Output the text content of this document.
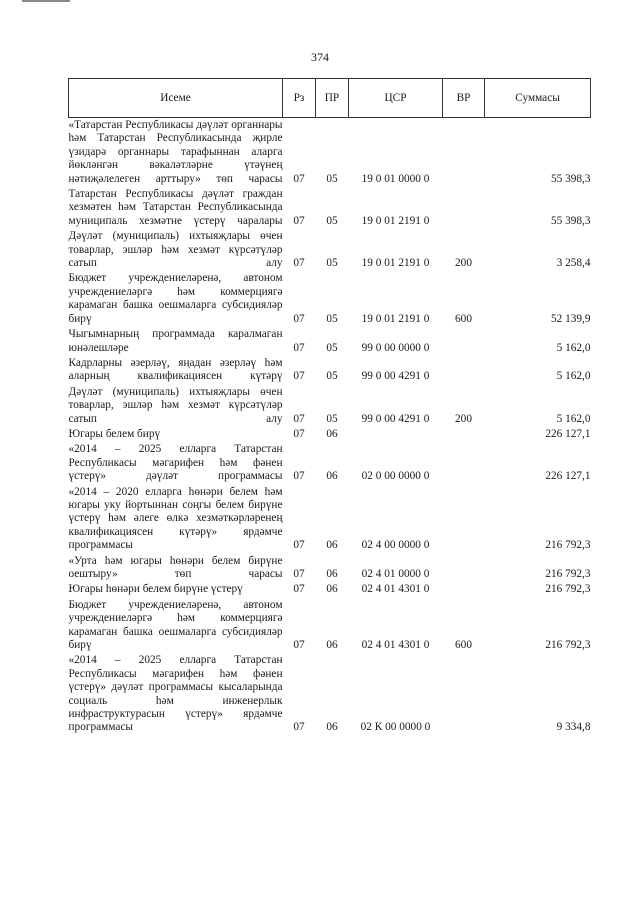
374
Исеме	Рз	ПР	ЦСР	ВР	Суммасы
«Татарстан Республикасы дәүләт органнары һәм Татарстан Республикасында җирле үзидарә органнары тарафыннан аларга йөкләнгән вәкаләтләрне үтәүнең нәтиҗәлелеген арттыру» төп чарасы	07	05	19 0 01 0000 0		55 398,3
Татарстан Республикасы дәүләт граждан хезмәтен һәм Татарстан Республикасында муниципаль хезмәтне үстерү чаралары	07	05	19 0 01 2191 0		55 398,3
Дәүләт (муниципаль) ихтыяҗлары өчен товарлар, эшләр һәм хезмәт күрсәтүләр сатып алу	07	05	19 0 01 2191 0	200	3 258,4
Бюджет учреждениеләренә, автоном учреждениеләргә һәм коммерциягә карамаган башка оешмаларга субсидияләр бирү	07	05	19 0 01 2191 0	600	52 139,9
Чыгымнарның программада каралмаган юнәлешләре	07	05	99 0 00 0000 0		5 162,0
Кадрларны әзерләү, яңадан әзерләү һәм аларның квалификациясен күтәрү	07	05	99 0 00 4291 0		5 162,0
Дәүләт (муниципаль) ихтыяҗлары өчен товарлар, эшләр һәм хезмәт күрсәтүләр сатып алу	07	05	99 0 00 4291 0	200	5 162,0
Югары белем бирү	07	06			226 127,1
«2014 – 2025 елларга Татарстан Республикасы мәгарифен һәм фәнен үстерү» дәүләт программасы	07	06	02 0 00 0000 0		226 127,1
«2014 – 2020 елларга һөнәри белем һәм югары уку йортыннан соңгы белем бирүне үстерү һәм әлеге өлкә хезмәткәрләренең квалификациясен күтәрү» ярдәмче программасы	07	06	02 4 00 0000 0		216 792,3
«Урта һәм югары һөнәри белем бирүне оештыру» төп чарасы	07	06	02 4 01 0000 0		216 792,3
Югары һөнәри белем бирүне үстерү	07	06	02 4 01 4301 0		216 792,3
Бюджет учреждениеләренә, автоном учреждениеләргә һәм коммерциягә карамаган башка оешмаларга субсидияләр бирү	07	06	02 4 01 4301 0	600	216 792,3
«2014 – 2025 елларга Татарстан Республикасы мәгарифен һәм фәнен үстерү» дәүләт программасы кысаларында социаль һәм инженерлык инфраструктурасын үстерү» ярдәмче программасы	07	06	02 К 00 0000 0		9 334,8
